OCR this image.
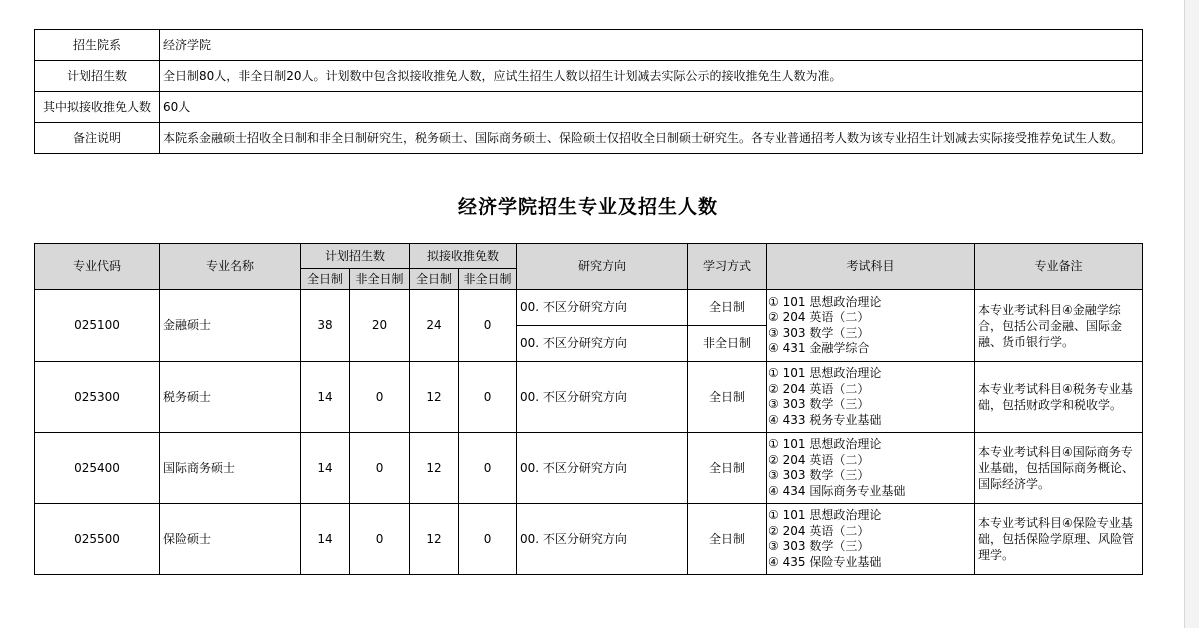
招生院系	经济学院
计划招生数	全日制80人，非全日制20人。计划数中包含拟接收推免人数，应试生招生人数以招生计划减去实际公示的接收推免生人数为准。
其中拟接收推免人数	60人
备注说明	本院系金融硕士招收全日制和非全日制研究生，税务硕士、国际商务硕士、保险硕士仅招收全日制硕士研究生。各专业普通招考人数为该专业招生计划减去实际接受推荐免试生人数。
经济学院招生专业及招生人数
专业代码	专业名称	计划招生数		拟接收推免数		研究方向	学习方式	考试科目	专业备注
		全日制	非全日制	全日制	非全日制				
025100	金融硕士	38	20	24	0	00. 不区分研究方向	全日制	① 101 思想政治理论
② 204 英语（二）
③ 303 数学（三）
④ 431 金融学综合	本专业考试科目④金融学综合，包括公司金融、国际金融、货币银行学。
						00. 不区分研究方向	非全日制		
025300	税务硕士	14	0	12	0	00. 不区分研究方向	全日制	① 101 思想政治理论
② 204 英语（二）
③ 303 数学（三）
④ 433 税务专业基础	本专业考试科目④税务专业基础，包括财政学和税收学。
025400	国际商务硕士	14	0	12	0	00. 不区分研究方向	全日制	① 101 思想政治理论
② 204 英语（二）
③ 303 数学（三）
④ 434 国际商务专业基础	本专业考试科目④国际商务专业基础，包括国际商务概论、国际经济学。
025500	保险硕士	14	0	12	0	00. 不区分研究方向	全日制	① 101 思想政治理论
② 204 英语（二）
③ 303 数学（三）
④ 435 保险专业基础	本专业考试科目④保险专业基础，包括保险学原理、风险管理学。
